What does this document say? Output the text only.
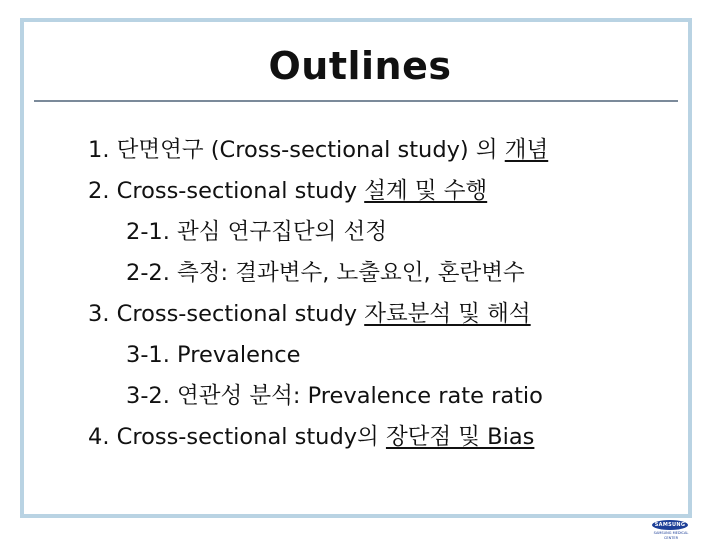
Outlines
1. 단면연구 (Cross-sectional study) 의 개념
2. Cross-sectional study 설계 및 수행
2-1. 관심 연구집단의 선정
2-2. 측정: 결과변수, 노출요인, 혼란변수
3. Cross-sectional study 자료분석 및 해석
3-1. Prevalence
3-2. 연관성 분석: Prevalence rate ratio
4. Cross-sectional study의 장단점 및 Bias
SAMSUNG
SAMSUNG MEDICAL CENTER
